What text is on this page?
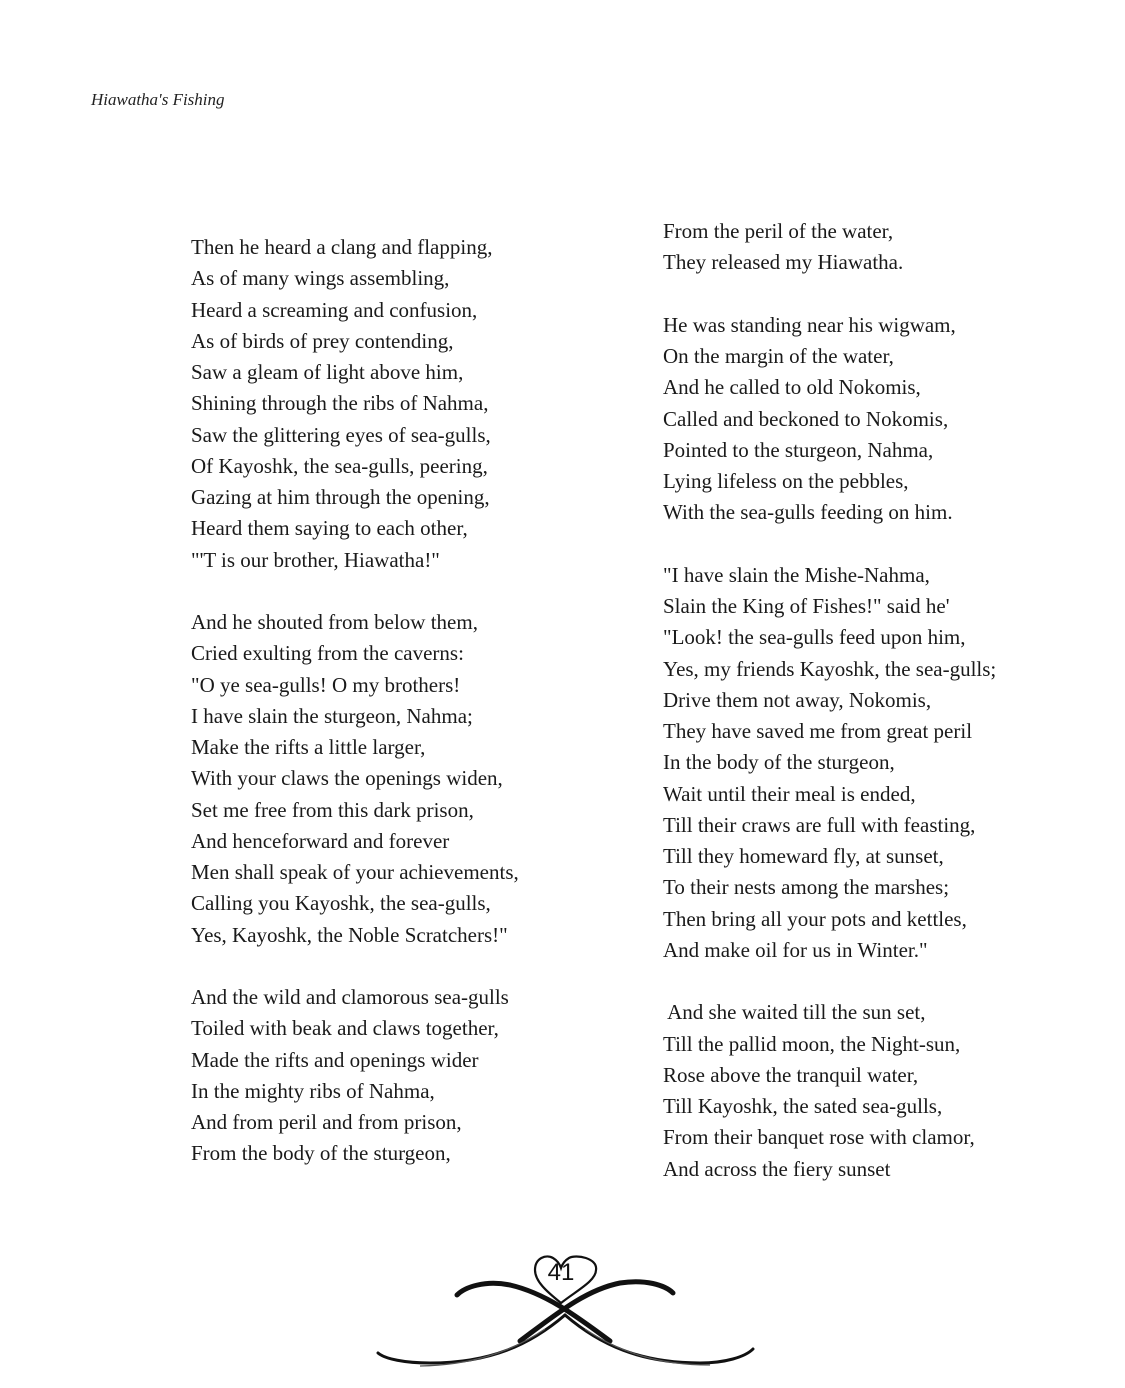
Hiawatha's Fishing
Then he heard a clang and flapping,
As of many wings assembling,
Heard a screaming and confusion,
As of birds of prey contending,
Saw a gleam of light above him,
Shining through the ribs of Nahma,
Saw the glittering eyes of sea-gulls,
Of Kayoshk, the sea-gulls, peering,
Gazing at him through the opening,
Heard them saying to each other,
"'T is our brother, Hiawatha!"
And he shouted from below them,
Cried exulting from the caverns:
"O ye sea-gulls! O my brothers!
I have slain the sturgeon, Nahma;
Make the rifts a little larger,
With your claws the openings widen,
Set me free from this dark prison,
And henceforward and forever
Men shall speak of your achievements,
Calling you Kayoshk, the sea-gulls,
Yes, Kayoshk, the Noble Scratchers!"
And the wild and clamorous sea-gulls
Toiled with beak and claws together,
Made the rifts and openings wider
In the mighty ribs of Nahma,
And from peril and from prison,
From the body of the sturgeon,
From the peril of the water,
They released my Hiawatha.
He was standing near his wigwam,
On the margin of the water,
And he called to old Nokomis,
Called and beckoned to Nokomis,
Pointed to the sturgeon, Nahma,
Lying lifeless on the pebbles,
With the sea-gulls feeding on him.
"I have slain the Mishe-Nahma,
Slain the King of Fishes!" said he'
"Look! the sea-gulls feed upon him,
Yes, my friends Kayoshk, the sea-gulls;
Drive them not away, Nokomis,
They have saved me from great peril
In the body of the sturgeon,
Wait until their meal is ended,
Till their craws are full with feasting,
Till they homeward fly, at sunset,
To their nests among the marshes;
Then bring all your pots and kettles,
And make oil for us in Winter."
And she waited till the sun set,
Till the pallid moon, the Night-sun,
Rose above the tranquil water,
Till Kayoshk, the sated sea-gulls,
From their banquet rose with clamor,
And across the fiery sunset
41
